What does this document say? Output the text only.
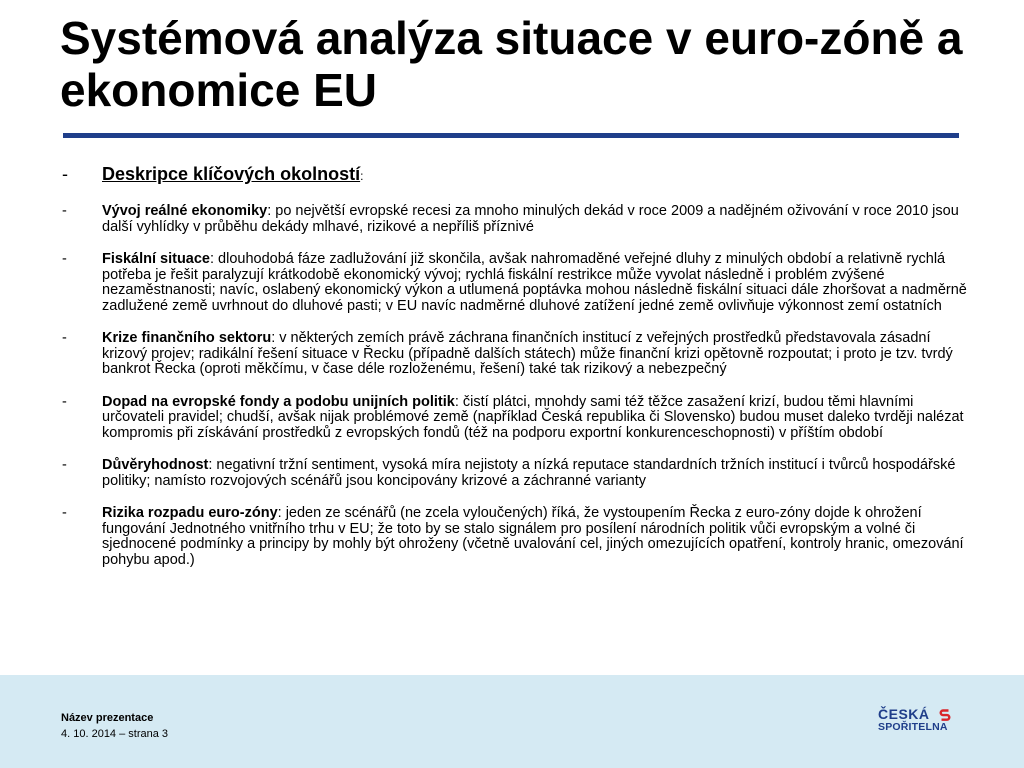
Systémová analýza situace v euro-zóně a ekonomice EU
- Deskripce klíčových okolností:
- Vývoj reálné ekonomiky: po největší evropské recesi za mnoho minulých dekád v roce 2009 a nadějném oživování v roce 2010 jsou další vyhlídky v průběhu dekády mlhavé, rizikové a nepříliš příznivé
- Fiskální situace: dlouhodobá fáze zadlužování již skončila, avšak nahromaděné veřejné dluhy z minulých období a relativně rychlá potřeba je řešit paralyzují krátkodobě ekonomický vývoj; rychlá fiskální restrikce může vyvolat následně i problém zvýšené nezaměstnanosti; navíc, oslabený ekonomický výkon a utlumená poptávka mohou následně fiskální situaci dále zhoršovat a nadměrně zadlužené země uvrhnout do dluhové pasti; v EU navíc nadměrné dluhové zatížení jedné země ovlivňuje výkonnost zemí ostatních
- Krize finančního sektoru: v některých zemích právě záchrana finančních institucí z veřejných prostředků představovala zásadní krizový projev; radikální řešení situace v Řecku (případně dalších státech) může finanční krizi opětovně rozpoutat; i proto je tzv. tvrdý bankrot Řecka (oproti měkčímu, v čase déle rozloženému, řešení) také tak rizikový a nebezpečný
- Dopad na evropské fondy a podobu unijních politik: čistí plátci, mnohdy sami též těžce zasažení krizí, budou těmi hlavními určovateli pravidel; chudší, avšak nijak problémové země (například Česká republika či Slovensko) budou muset daleko tvrději nalézat kompromis při získávání prostředků z evropských fondů (též na podporu exportní konkurenceschopnosti) v příštím období
- Důvěryhodnost: negativní tržní sentiment, vysoká míra nejistoty a nízká reputace standardních tržních institucí i tvůrců hospodářské politiky; namísto rozvojových scénářů jsou koncipovány krizové a záchranné varianty
- Rizika rozpadu euro-zóny: jeden ze scénářů (ne zcela vyloučených) říká, že vystoupením Řecka z euro-zóny dojde k ohrožení fungování Jednotného vnitřního trhu v EU; že toto by se stalo signálem pro posílení národních politik vůči evropským a volné či sjednocené podmínky a principy by mohly být ohroženy (včetně uvalování cel, jiných omezujících opatření, kontroly hranic, omezování pohybu apod.)
Název prezentace
4. 10. 2014 – strana 3
ČESKÁ
SPOŘITELNA
